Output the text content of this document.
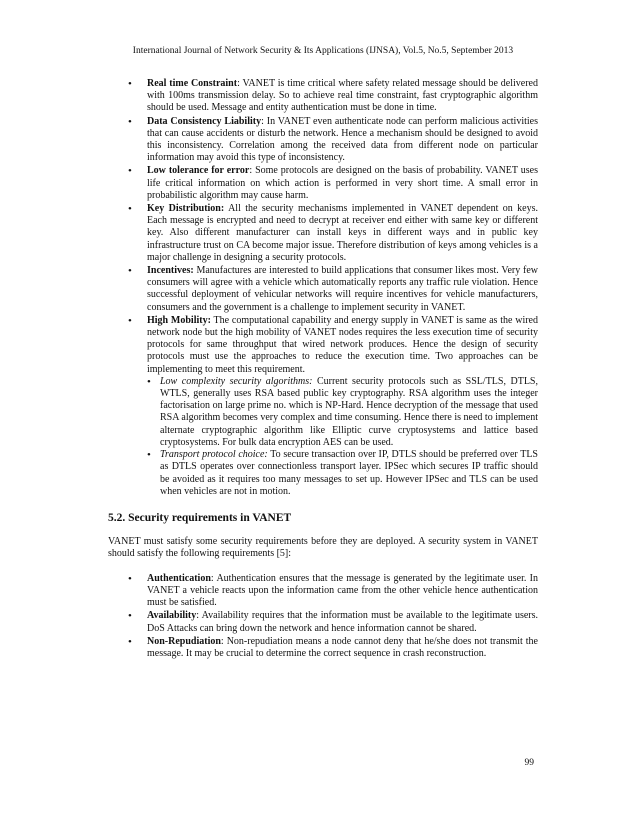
International Journal of Network Security & Its Applications (IJNSA), Vol.5, No.5, September 2013
• Real time Constraint: VANET is time critical where safety related message should be delivered with 100ms transmission delay. So to achieve real time constraint, fast cryptographic algorithm should be used. Message and entity authentication must be done in time.
• Data Consistency Liability: In VANET even authenticate node can perform malicious activities that can cause accidents or disturb the network. Hence a mechanism should be designed to avoid this inconsistency. Correlation among the received data from different node on particular information may avoid this type of inconsistency.
• Low tolerance for error: Some protocols are designed on the basis of probability. VANET uses life critical information on which action is performed in very short time. A small error in probabilistic algorithm may cause harm.
• Key Distribution: All the security mechanisms implemented in VANET dependent on keys. Each message is encrypted and need to decrypt at receiver end either with same key or different key. Also different manufacturer can install keys in different ways and in public key infrastructure trust on CA become major issue. Therefore distribution of keys among vehicles is a major challenge in designing a security protocols.
• Incentives: Manufactures are interested to build applications that consumer likes most. Very few consumers will agree with a vehicle which automatically reports any traffic rule violation. Hence successful deployment of vehicular networks will require incentives for vehicle manufacturers, consumers and the government is a challenge to implement security in VANET.
• High Mobility: The computational capability and energy supply in VANET is same as the wired network node but the high mobility of VANET nodes requires the less execution time of security protocols for same throughput that wired network produces. Hence the design of security protocols must use the approaches to reduce the execution time. Two approaches can be implementing to meet this requirement.
• Low complexity security algorithms: Current security protocols such as SSL/TLS, DTLS, WTLS, generally uses RSA based public key cryptography. RSA algorithm uses the integer factorisation on large prime no. which is NP-Hard. Hence decryption of the message that used RSA algorithm becomes very complex and time consuming. Hence there is need to implement alternate cryptographic algorithm like Elliptic curve cryptosystems and lattice based cryptosystems. For bulk data encryption AES can be used.
• Transport protocol choice: To secure transaction over IP, DTLS should be preferred over TLS as DTLS operates over connectionless transport layer. IPSec which secures IP traffic should be avoided as it requires too many messages to set up. However IPSec and TLS can be used when vehicles are not in motion.
5.2. Security requirements in VANET

VANET must satisfy some security requirements before they are deployed. A security system in VANET should satisfy the following requirements [5]:

• Authentication: Authentication ensures that the message is generated by the legitimate user. In VANET a vehicle reacts upon the information came from the other vehicle hence authentication must be satisfied.
• Availability: Availability requires that the information must be available to the legitimate users. DoS Attacks can bring down the network and hence information cannot be shared.
• Non-Repudiation: Non-repudiation means a node cannot deny that he/she does not transmit the message. It may be crucial to determine the correct sequence in crash reconstruction.
99
